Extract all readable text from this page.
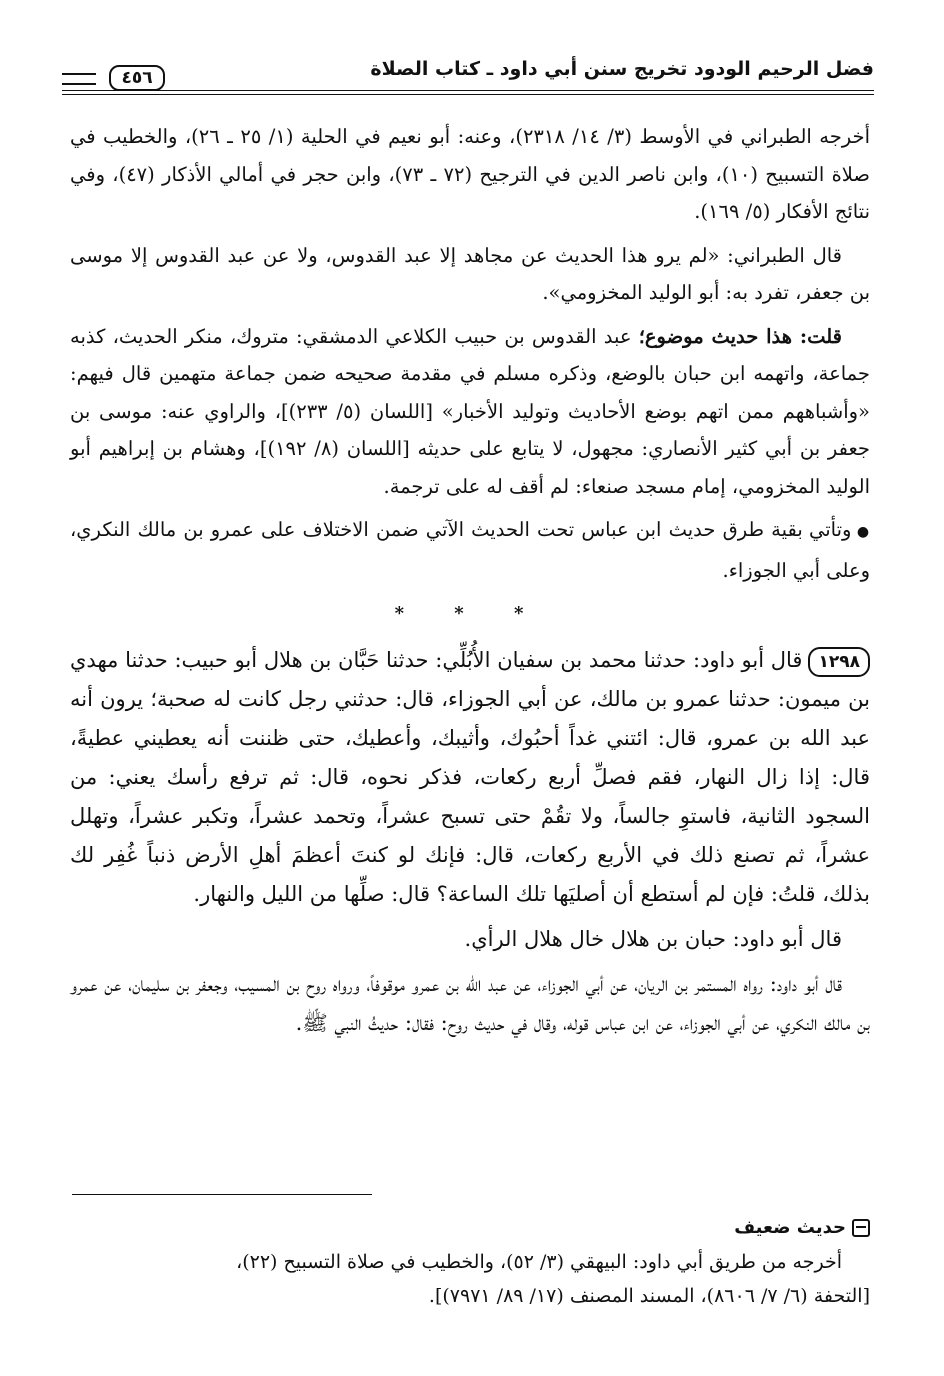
فضل الرحيم الودود تخريج سنن أبي داود ـ كتاب الصلاة
٤٥٦

أخرجه الطبراني في الأوسط (٣/ ١٤/ ٢٣١٨)، وعنه: أبو نعيم في الحلية (١/ ٢٥ ـ ٢٦)، والخطيب في صلاة التسبيح (١٠)، وابن ناصر الدين في الترجيح (٧٢ ـ ٧٣)، وابن حجر في أمالي الأذكار (٤٧)، وفي نتائج الأفكار (٥/ ١٦٩).

قال الطبراني: «لم يرو هذا الحديث عن مجاهد إلا عبد القدوس، ولا عن عبد القدوس إلا موسى بن جعفر، تفرد به: أبو الوليد المخزومي».

قلت: هذا حديث موضوع؛ عبد القدوس بن حبيب الكلاعي الدمشقي: متروك، منكر الحديث، كذبه جماعة، واتهمه ابن حبان بالوضع، وذكره مسلم في مقدمة صحيحه ضمن جماعة متهمين قال فيهم: «وأشباههم ممن اتهم بوضع الأحاديث وتوليد الأخبار» [اللسان (٥/ ٢٣٣)]، والراوي عنه: موسى بن جعفر بن أبي كثير الأنصاري: مجهول، لا يتابع على حديثه [اللسان (٨/ ١٩٢)]، وهشام بن إبراهيم أبو الوليد المخزومي، إمام مسجد صنعاء: لم أقف له على ترجمة.

● وتأتي بقية طرق حديث ابن عباس تحت الحديث الآتي ضمن الاختلاف على عمرو بن مالك النكري، وعلى أبي الجوزاء.

* * *

١٢٩٨قال أبو داود: حدثنا محمد بن سفيان الأُبُلِّي: حدثنا حَبَّان بن هلال أبو حبيب: حدثنا مهدي بن ميمون: حدثنا عمرو بن مالك، عن أبي الجوزاء، قال: حدثني رجل كانت له صحبة؛ يرون أنه عبد الله بن عمرو، قال: ائتني غداً أحبُوك، وأثيبك، وأعطيك، حتى ظننت أنه يعطيني عطيةً، قال: إذا زال النهار، فقم فصلِّ أربع ركعات، فذكر نحوه، قال: ثم ترفع رأسك يعني: من السجود الثانية، فاستوِ جالساً، ولا تقُمْ حتى تسبح عشراً، وتحمد عشراً، وتكبر عشراً، وتهلل عشراً، ثم تصنع ذلك في الأربع ركعات، قال: فإنك لو كنتَ أعظمَ أهلِ الأرض ذنباً غُفِر لك بذلك، قلتُ: فإن لم أستطع أن أصليَها تلك الساعة؟ قال: صلِّها من الليل والنهار.

قال أبو داود: حبان بن هلال خال هلال الرأي.

قال أبو داود: رواه المستمر بن الريان، عن أبي الجوزاء، عن عبد الله بن عمرو موقوفاً، ورواه روح بن المسيب، وجعفر بن سليمان، عن عمرو بن مالك النكري، عن أبي الجوزاء، عن ابن عباس قوله، وقال في حديث روح: فقال: حديثُ النبي ﷺ.

حديث ضعيف
أخرجه من طريق أبي داود: البيهقي (٣/ ٥٢)، والخطيب في صلاة التسبيح (٢٢)،
[التحفة (٦/ ٧/ ٨٦٠٦)، المسند المصنف (١٧/ ٨٩/ ٧٩٧١)].
